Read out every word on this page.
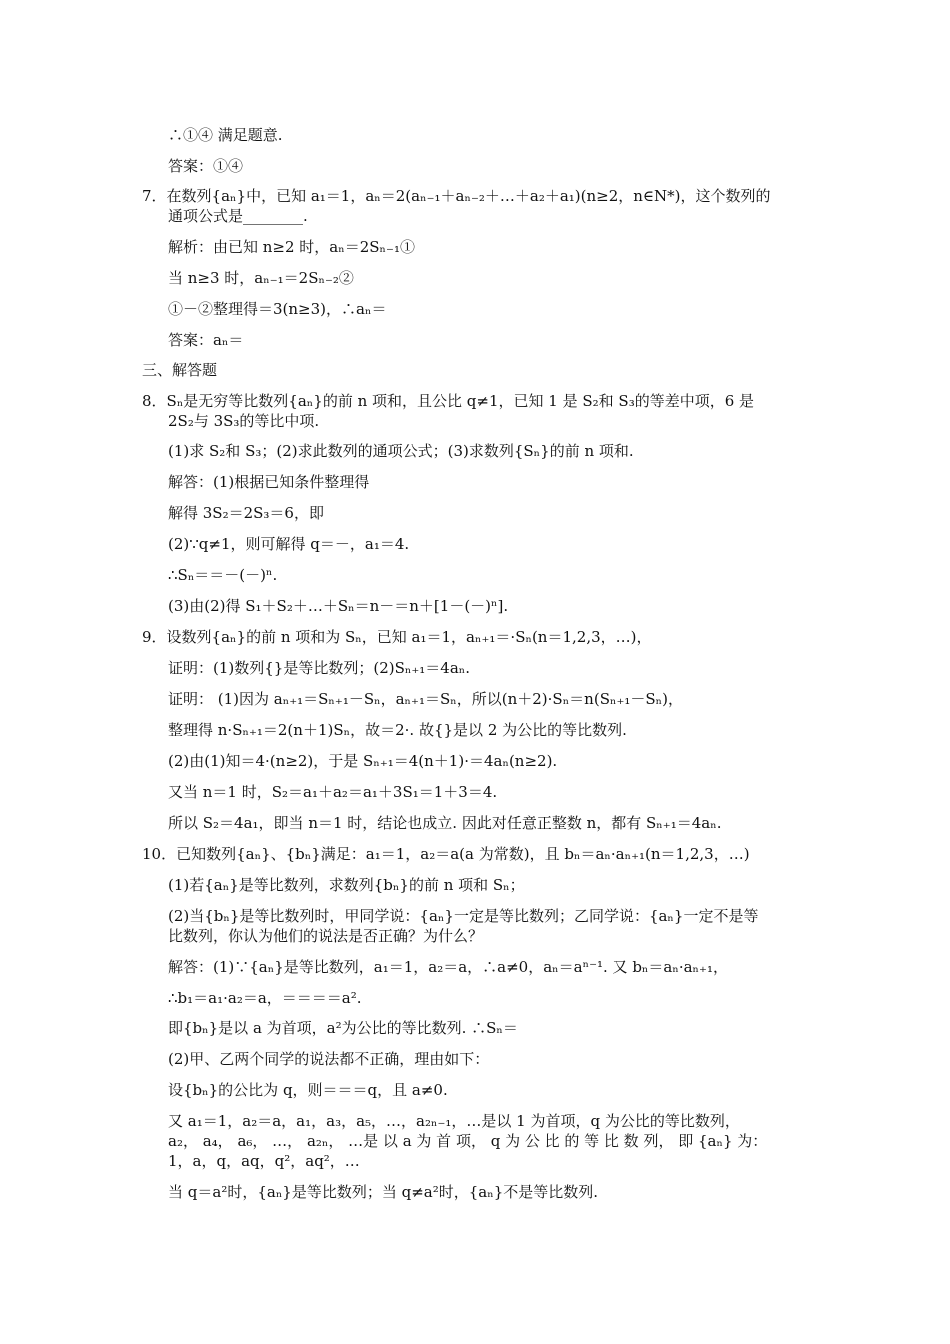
∴①④ 满足题意.
答案：①④
7．在数列{aₙ}中，已知 a₁＝1，aₙ＝2(aₙ₋₁＋aₙ₋₂＋…＋a₂＋a₁)(n≥2，n∈N*)，这个数列的
通项公式是________.
解析：由已知 n≥2 时，aₙ＝2Sₙ₋₁①
当 n≥3 时，aₙ₋₁＝2Sₙ₋₂②
①－②整理得＝3(n≥3)，∴aₙ＝
答案：aₙ＝
三、解答题
8．Sₙ是无穷等比数列{aₙ}的前 n 项和，且公比 q≠1，已知 1 是 S₂和 S₃的等差中项，6 是
2S₂与 3S₃的等比中项.
(1)求 S₂和 S₃；(2)求此数列的通项公式；(3)求数列{Sₙ}的前 n 项和.
解答：(1)根据已知条件整理得
解得 3S₂＝2S₃＝6，即
(2)∵q≠1，则可解得 q＝－，a₁＝4.
∴Sₙ＝＝－(－)ⁿ.
(3)由(2)得 S₁＋S₂＋…＋Sₙ＝n－＝n＋[1－(－)ⁿ].
9．设数列{aₙ}的前 n 项和为 Sₙ，已知 a₁＝1，aₙ₊₁＝·Sₙ(n＝1,2,3，…)，
证明：(1)数列{}是等比数列；(2)Sₙ₊₁＝4aₙ.
证明： (1)因为 aₙ₊₁＝Sₙ₊₁－Sₙ，aₙ₊₁＝Sₙ，所以(n＋2)·Sₙ＝n(Sₙ₊₁－Sₙ)，
整理得 n·Sₙ₊₁＝2(n＋1)Sₙ，故＝2·. 故{}是以 2 为公比的等比数列.
(2)由(1)知＝4·(n≥2)，于是 Sₙ₊₁＝4(n＋1)·＝4aₙ(n≥2).
又当 n＝1 时，S₂＝a₁＋a₂＝a₁＋3S₁＝1＋3＝4.
所以 S₂＝4a₁，即当 n＝1 时，结论也成立. 因此对任意正整数 n，都有 Sₙ₊₁＝4aₙ.
10．已知数列{aₙ}、{bₙ}满足：a₁＝1，a₂＝a(a 为常数)，且 bₙ＝aₙ·aₙ₊₁(n＝1,2,3，…)
(1)若{aₙ}是等比数列，求数列{bₙ}的前 n 项和 Sₙ；
(2)当{bₙ}是等比数列时，甲同学说：{aₙ}一定是等比数列；乙同学说：{aₙ}一定不是等
比数列，你认为他们的说法是否正确？为什么？
解答：(1)∵{aₙ}是等比数列，a₁＝1，a₂＝a，∴a≠0，aₙ＝aⁿ⁻¹. 又 bₙ＝aₙ·aₙ₊₁，
∴b₁＝a₁·a₂＝a，＝＝＝＝a².
即{bₙ}是以 a 为首项，a²为公比的等比数列. ∴Sₙ＝
(2)甲、乙两个同学的说法都不正确，理由如下：
设{bₙ}的公比为 q，则＝＝＝q，且 a≠0.
又 a₁＝1，a₂＝a，a₁，a₃，a₅，…，a₂ₙ₋₁，…是以 1 为首项，q 为公比的等比数列，
a₂， a₄， a₆， …， a₂ₙ， …是 以 a 为 首 项， q 为 公 比 的 等 比 数 列， 即 {aₙ} 为：
1，a，q，aq，q²，aq²，…
当 q＝a²时，{aₙ}是等比数列；当 q≠a²时，{aₙ}不是等比数列.
